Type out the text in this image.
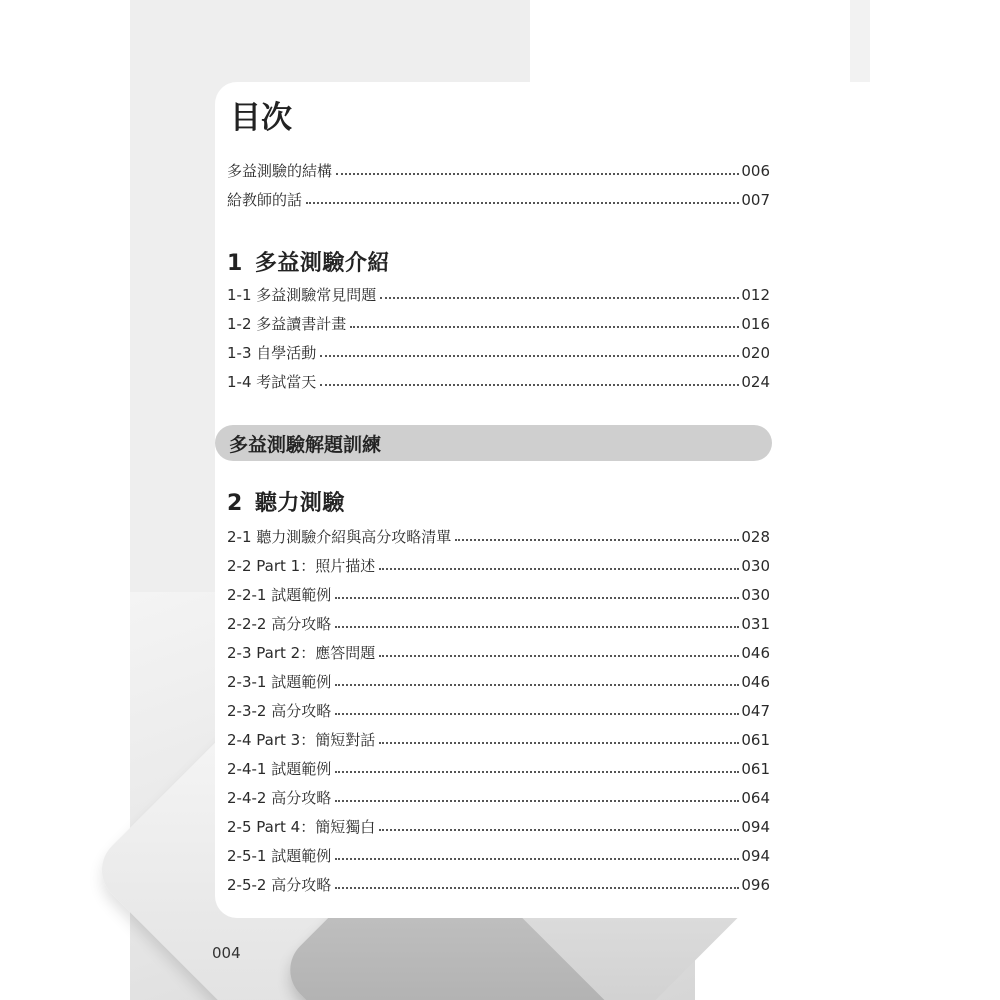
目次
多益測驗的結構	006
給教師的話	007
1 多益測驗介紹
1-1 多益測驗常見問題	012
1-2 多益讀書計畫	016
1-3 自學活動	020
1-4 考試當天	024
多益測驗解題訓練
2 聽力測驗
2-1 聽力測驗介紹與高分攻略清單	028
2-2 Part 1：照片描述	030
2-2-1 試題範例	030
2-2-2 高分攻略	031
2-3 Part 2：應答問題	046
2-3-1 試題範例	046
2-3-2 高分攻略	047
2-4 Part 3：簡短對話	061
2-4-1 試題範例	061
2-4-2 高分攻略	064
2-5 Part 4：簡短獨白	094
2-5-1 試題範例	094
2-5-2 高分攻略	096
004
